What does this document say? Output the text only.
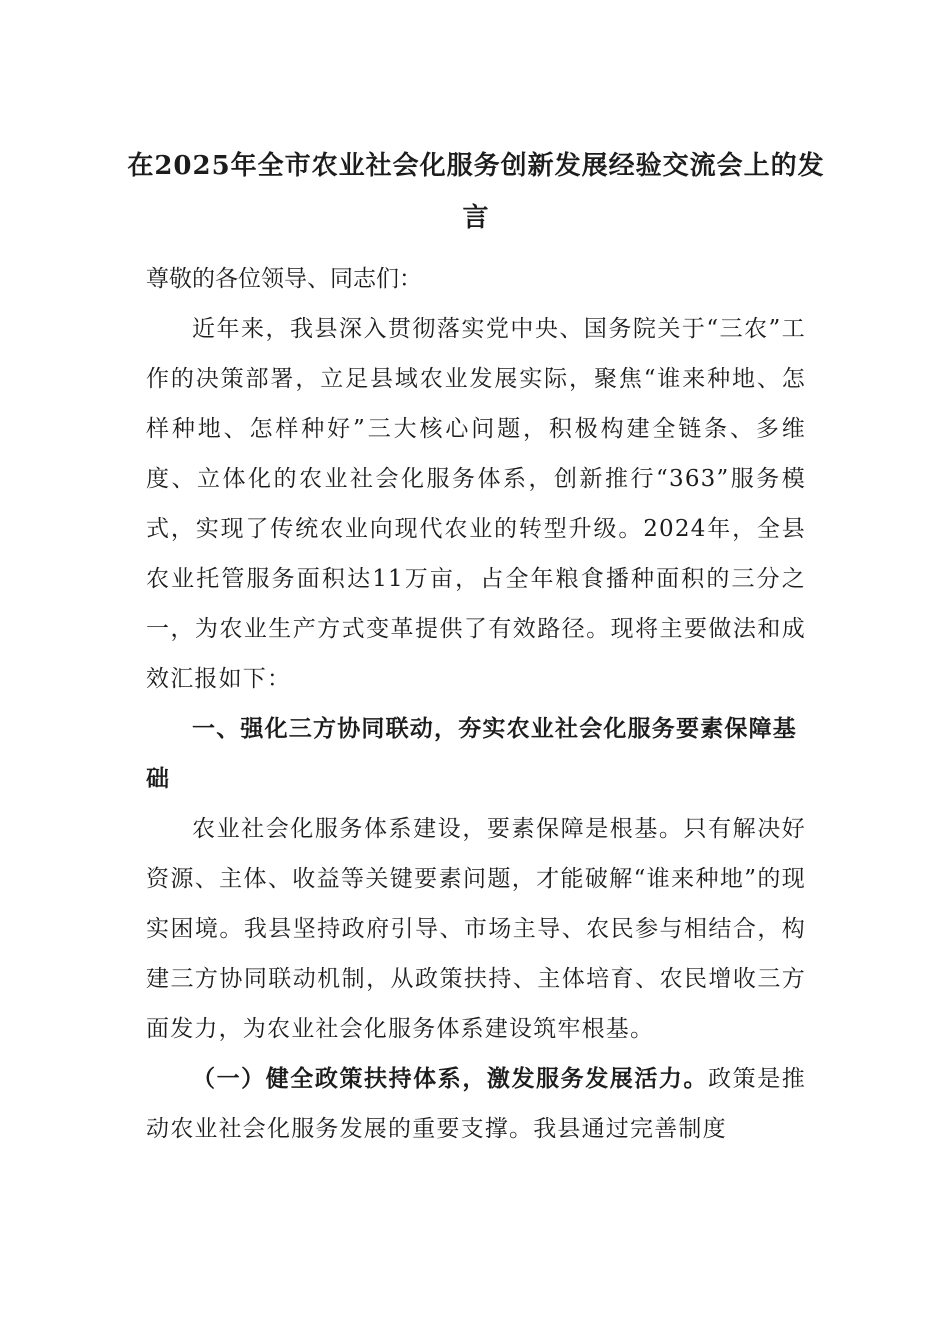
在2025年全市农业社会化服务创新发展经验交流会上的发言

尊敬的各位领导、同志们：

近年来，我县深入贯彻落实党中央、国务院关于“三农”工作的决策部署，立足县域农业发展实际，聚焦“谁来种地、怎样种地、怎样种好”三大核心问题，积极构建全链条、多维度、立体化的农业社会化服务体系，创新推行“363”服务模式，实现了传统农业向现代农业的转型升级。2024年，全县农业托管服务面积达11万亩，占全年粮食播种面积的三分之一，为农业生产方式变革提供了有效路径。现将主要做法和成效汇报如下：

一、强化三方协同联动，夯实农业社会化服务要素保障基础

农业社会化服务体系建设，要素保障是根基。只有解决好资源、主体、收益等关键要素问题，才能破解“谁来种地”的现实困境。我县坚持政府引导、市场主导、农民参与相结合，构建三方协同联动机制，从政策扶持、主体培育、农民增收三方面发力，为农业社会化服务体系建设筑牢根基。

（一）健全政策扶持体系，激发服务发展活力。政策是推动农业社会化服务发展的重要支撑。我县通过完善制度
